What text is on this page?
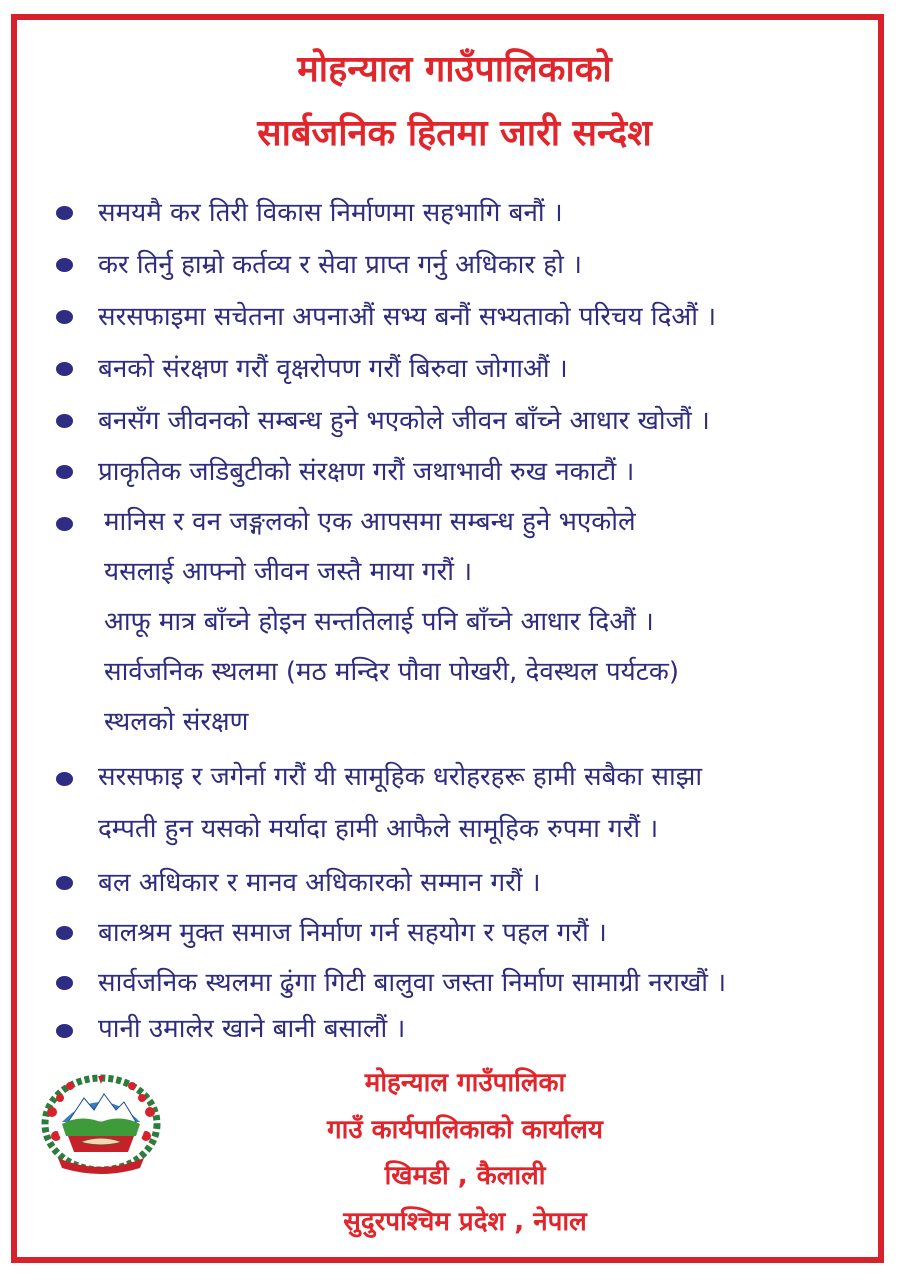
मोहन्याल गाउँपालिकाको
सार्बजनिक हितमा जारी सन्देश
समयमै कर तिरी विकास निर्माणमा सहभागि बनौं ।
कर तिर्नु हाम्रो कर्तव्य र सेवा प्राप्त गर्नु अधिकार हो ।
सरसफाइमा सचेतना अपनाऔं सभ्य बनौं सभ्यताको परिचय दिऔं ।
बनको संरक्षण गरौं वृक्षरोपण गरौं बिरुवा जोगाऔं ।
बनसँग जीवनको सम्बन्ध हुने भएकोले जीवन बाँच्ने आधार खोजौं ।
प्राकृतिक जडिबुटीको संरक्षण गरौं जथाभावी रुख नकाटौं ।
मानिस र वन जङ्गलको एक आपसमा सम्बन्ध हुने भएकोले
यसलाई आफ्नो जीवन जस्तै माया गरौं ।
आफू मात्र बाँच्ने होइन सन्ततिलाई पनि बाँच्ने आधार दिऔं ।
सार्वजनिक स्थलमा (मठ मन्दिर पौवा पोखरी, देवस्थल पर्यटक)
स्थलको संरक्षण
सरसफाइ र जगेर्ना गरौं यी सामूहिक धरोहरहरू हामी सबैका साझा
दम्पती हुन यसको मर्यादा हामी आफैले सामूहिक रुपमा गरौं ।
बल अधिकार र मानव अधिकारको सम्मान गरौं ।
बालश्रम मुक्त समाज निर्माण गर्न सहयोग र पहल गरौं ।
सार्वजनिक स्थलमा ढुंगा गिटी बालुवा जस्ता निर्माण सामाग्री नराखौं ।
पानी उमालेर खाने बानी बसालौं ।
मोहन्याल गाउँपालिका
गाउँ कार्यपालिकाको कार्यालय
खिमडी , कैलाली
सुदुरपश्चिम प्रदेश , नेपाल
